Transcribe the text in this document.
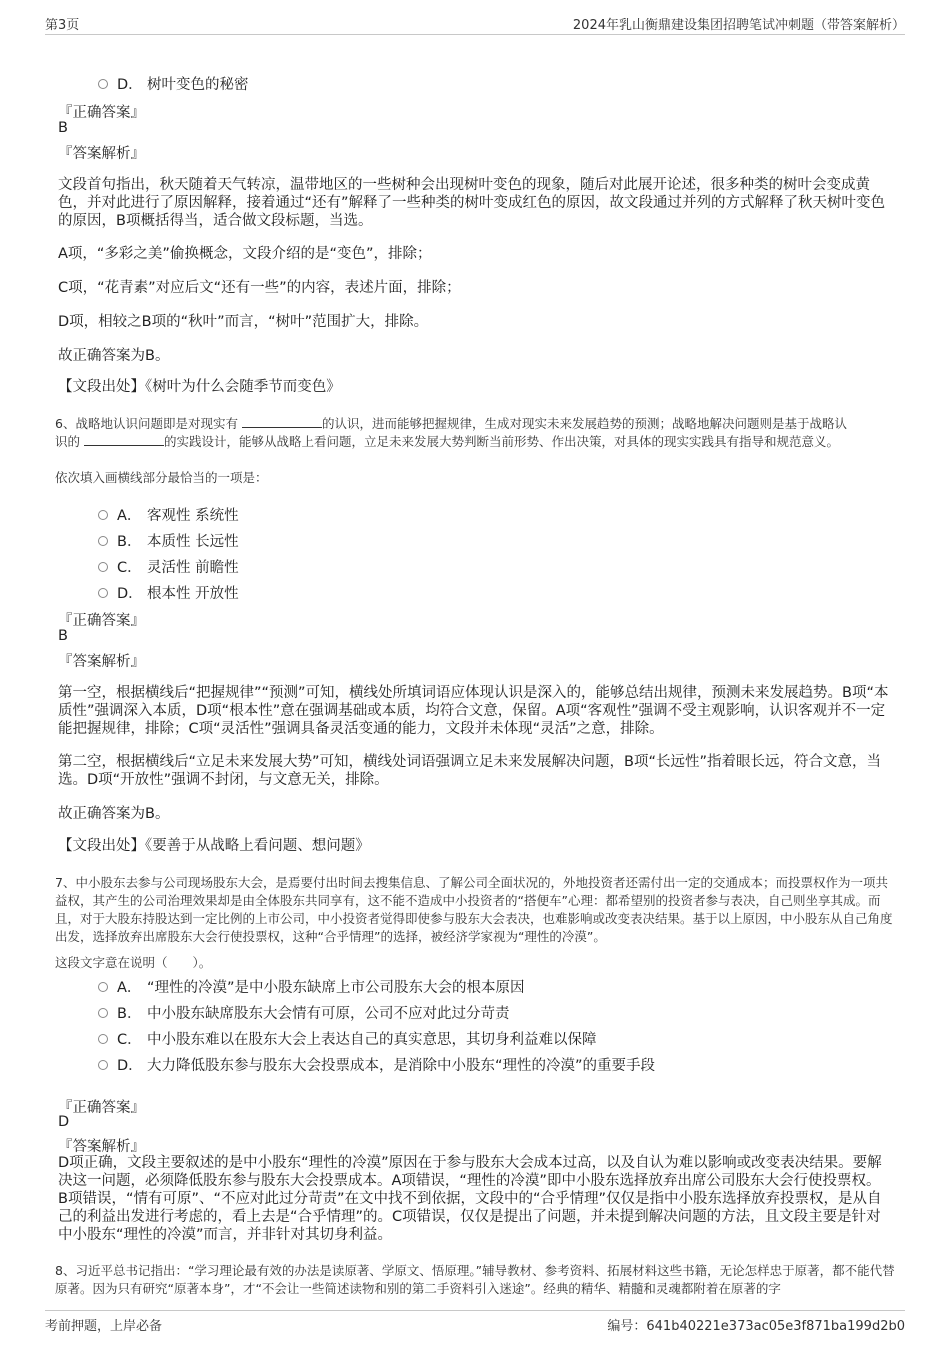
第3页	2024年乳山衡鼎建设集团招聘笔试冲刺题（带答案解析）
D． 树叶变色的秘密
『正确答案』
B
『答案解析』
文段首句指出，秋天随着天气转凉，温带地区的一些树种会出现树叶变色的现象，随后对此展开论述，很多种类的树叶会变成黄色，并对此进行了原因解释，接着通过“还有”解释了一些种类的树叶变成红色的原因，故文段通过并列的方式解释了秋天树叶变色的原因，B项概括得当，适合做文段标题，当选。
A项，“多彩之美”偷换概念，文段介绍的是“变色”，排除；
C项，“花青素”对应后文“还有一些”的内容，表述片面，排除；
D项，相较之B项的“秋叶”而言，“树叶”范围扩大，排除。
故正确答案为B。
【文段出处】《树叶为什么会随季节而变色》
6、战略地认识问题即是对现实有	的认识，进而能够把握规律，生成对现实未来发展趋势的预测；战略地解决问题则是基于战略认
识的	的实践设计，能够从战略上看问题，立足未来发展大势判断当前形势、作出决策，对具体的现实实践具有指导和规范意义。
依次填入画横线部分最恰当的一项是：
A． 客观性 系统性
B． 本质性 长远性
C． 灵活性 前瞻性
D． 根本性 开放性
『正确答案』
B
『答案解析』
第一空，根据横线后“把握规律”“预测”可知，横线处所填词语应体现认识是深入的，能够总结出规律，预测未来发展趋势。B项“本质性”强调深入本质，D项“根本性”意在强调基础或本质，均符合文意，保留。A项“客观性”强调不受主观影响，认识客观并不一定能把握规律，排除；C项“灵活性”强调具备灵活变通的能力，文段并未体现“灵活”之意，排除。
第二空，根据横线后“立足未来发展大势”可知，横线处词语强调立足未来发展解决问题，B项“长远性”指着眼长远，符合文意，当选。D项“开放性”强调不封闭，与文意无关，排除。
故正确答案为B。
【文段出处】《要善于从战略上看问题、想问题》
7、中小股东去参与公司现场股东大会，是焉要付出时间去搜集信息、了解公司全面状况的，外地投资者还需付出一定的交通成本；而投票权作为一项共益权，其产生的公司治理效果却是由全体股东共同享有，这不能不造成中小投资者的“搭便车”心理：都希望别的投资者参与表决，自己则坐享其成。而且，对于大股东持股达到一定比例的上市公司，中小投资者觉得即使参与股东大会表决，也难影响或改变表决结果。基于以上原因，中小股东从自己角度出发，选择放弃出席股东大会行使投票权，这种“合乎情理”的选择，被经济学家视为“理性的冷漠”。
这段文字意在说明（　　）。
A． “理性的冷漠”是中小股东缺席上市公司股东大会的根本原因
B． 中小股东缺席股东大会情有可原，公司不应对此过分苛责
C． 中小股东难以在股东大会上表达自己的真实意思，其切身利益难以保障
D． 大力降低股东参与股东大会投票成本，是消除中小股东“理性的冷漠”的重要手段
『正确答案』
D
『答案解析』
D项正确，文段主要叙述的是中小股东“理性的冷漠”原因在于参与股东大会成本过高，以及自认为难以影响或改变表决结果。要解决这一问题，必须降低股东参与股东大会投票成本。A项错误，“理性的冷漠”即中小股东选择放弃出席公司股东大会行使投票权。B项错误，“情有可原”、“不应对此过分苛责”在文中找不到依据，文段中的“合乎情理”仅仅是指中小股东选择放弃投票权，是从自己的利益出发进行考虑的，看上去是“合乎情理”的。C项错误，仅仅是提出了问题，并未提到解决问题的方法，且文段主要是针对中小股东“理性的冷漠”而言，并非针对其切身利益。
8、习近平总书记指出：“学习理论最有效的办法是读原著、学原文、悟原理。”辅导教材、参考资料、拓展材料这些书籍，无论怎样忠于原著，都不能代替原著。因为只有研究“原著本身”，才“不会让一些简述读物和别的第二手资料引入迷途”。经典的精华、精髓和灵魂都附着在原著的字
考前押题，上岸必备	编号：641b40221e373ac05e3f871ba199d2b0
